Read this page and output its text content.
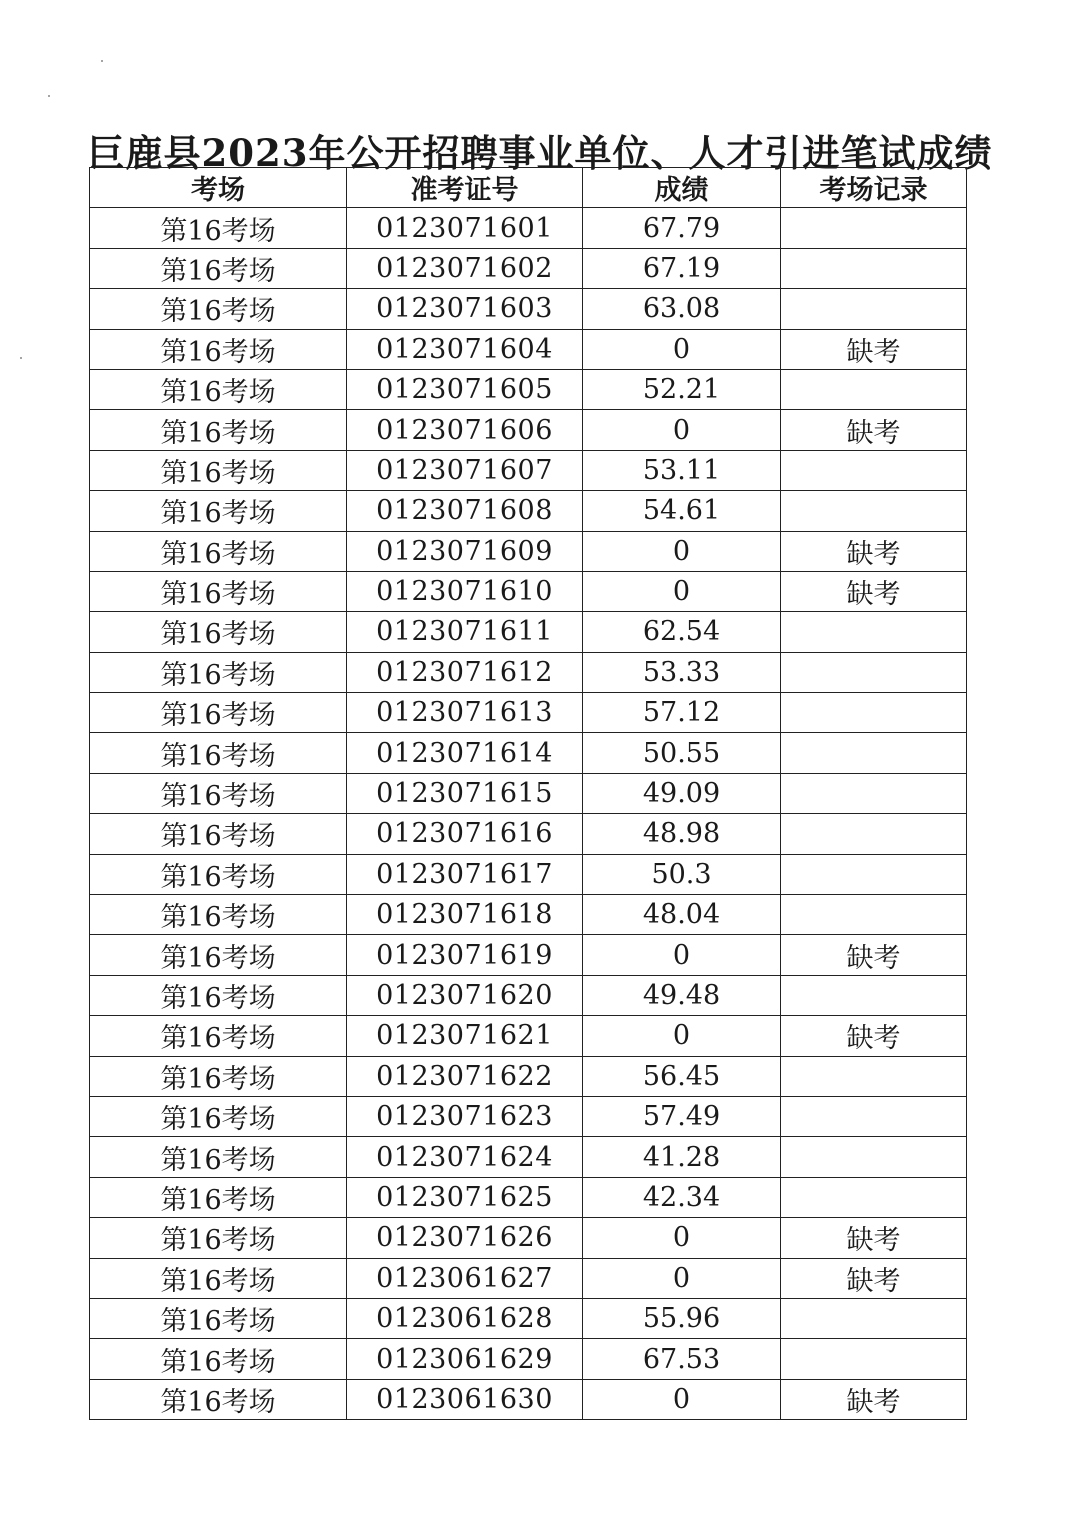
巨鹿县2023年公开招聘事业单位、人才引进笔试成绩
考场	准考证号	成绩	考场记录
第16考场	0123071601	67.79	
第16考场	0123071602	67.19	
第16考场	0123071603	63.08	
第16考场	0123071604	0	缺考
第16考场	0123071605	52.21	
第16考场	0123071606	0	缺考
第16考场	0123071607	53.11	
第16考场	0123071608	54.61	
第16考场	0123071609	0	缺考
第16考场	0123071610	0	缺考
第16考场	0123071611	62.54	
第16考场	0123071612	53.33	
第16考场	0123071613	57.12	
第16考场	0123071614	50.55	
第16考场	0123071615	49.09	
第16考场	0123071616	48.98	
第16考场	0123071617	50.3	
第16考场	0123071618	48.04	
第16考场	0123071619	0	缺考
第16考场	0123071620	49.48	
第16考场	0123071621	0	缺考
第16考场	0123071622	56.45	
第16考场	0123071623	57.49	
第16考场	0123071624	41.28	
第16考场	0123071625	42.34	
第16考场	0123071626	0	缺考
第16考场	0123061627	0	缺考
第16考场	0123061628	55.96	
第16考场	0123061629	67.53	
第16考场	0123061630	0	缺考
